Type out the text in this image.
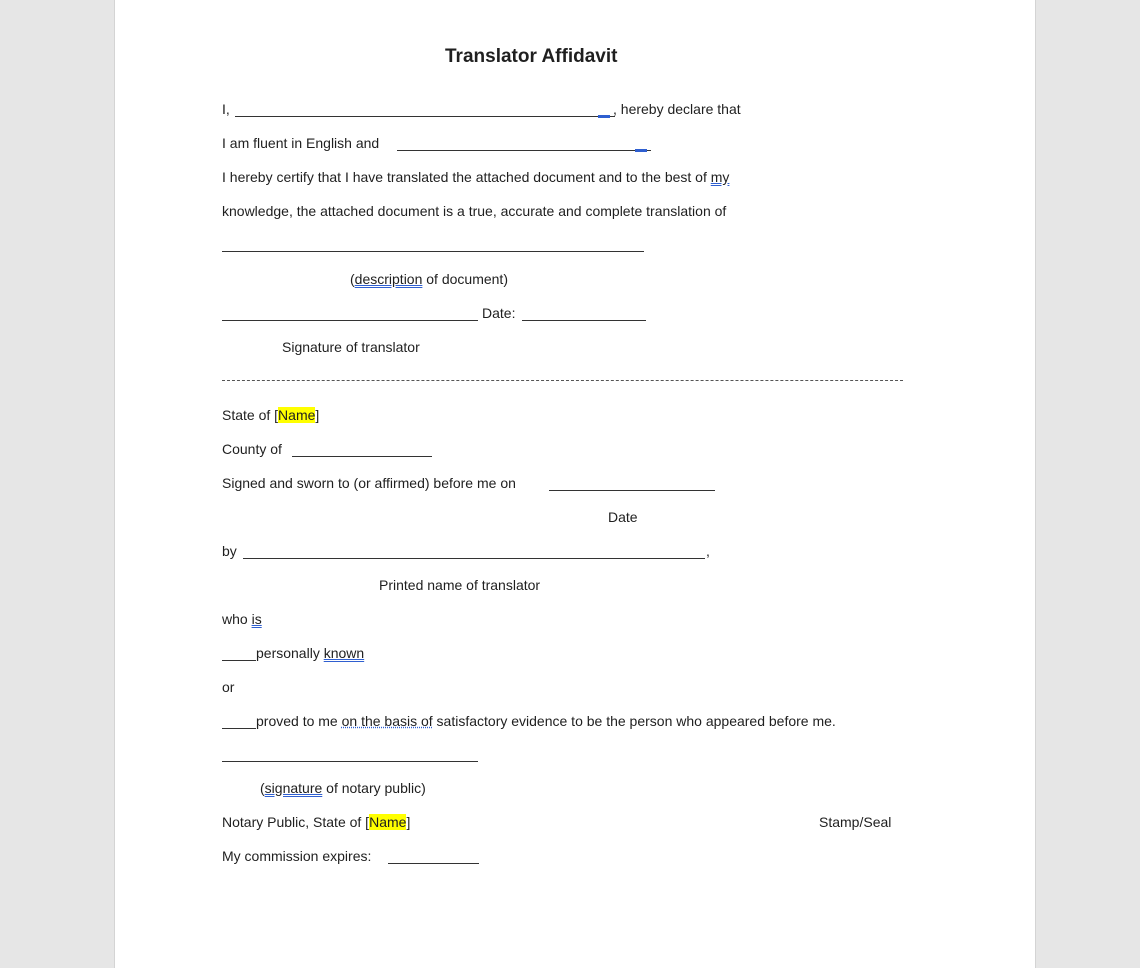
Translator Affidavit
I,	, hereby declare that
I am fluent in English and
I hereby certify that I have translated the attached document and to the best of my
knowledge, the attached document is a true, accurate and complete translation of
(description of document)
Date:
Signature of translator
State of [Name]
County of
Signed and sworn to (or affirmed) before me on
Date
by	,
Printed name of translator
who is
personally known
or
proved to me on the basis of satisfactory evidence to be the person who appeared before me.
(signature of notary public)
Notary Public, State of [Name]	Stamp/Seal
My commission expires:
